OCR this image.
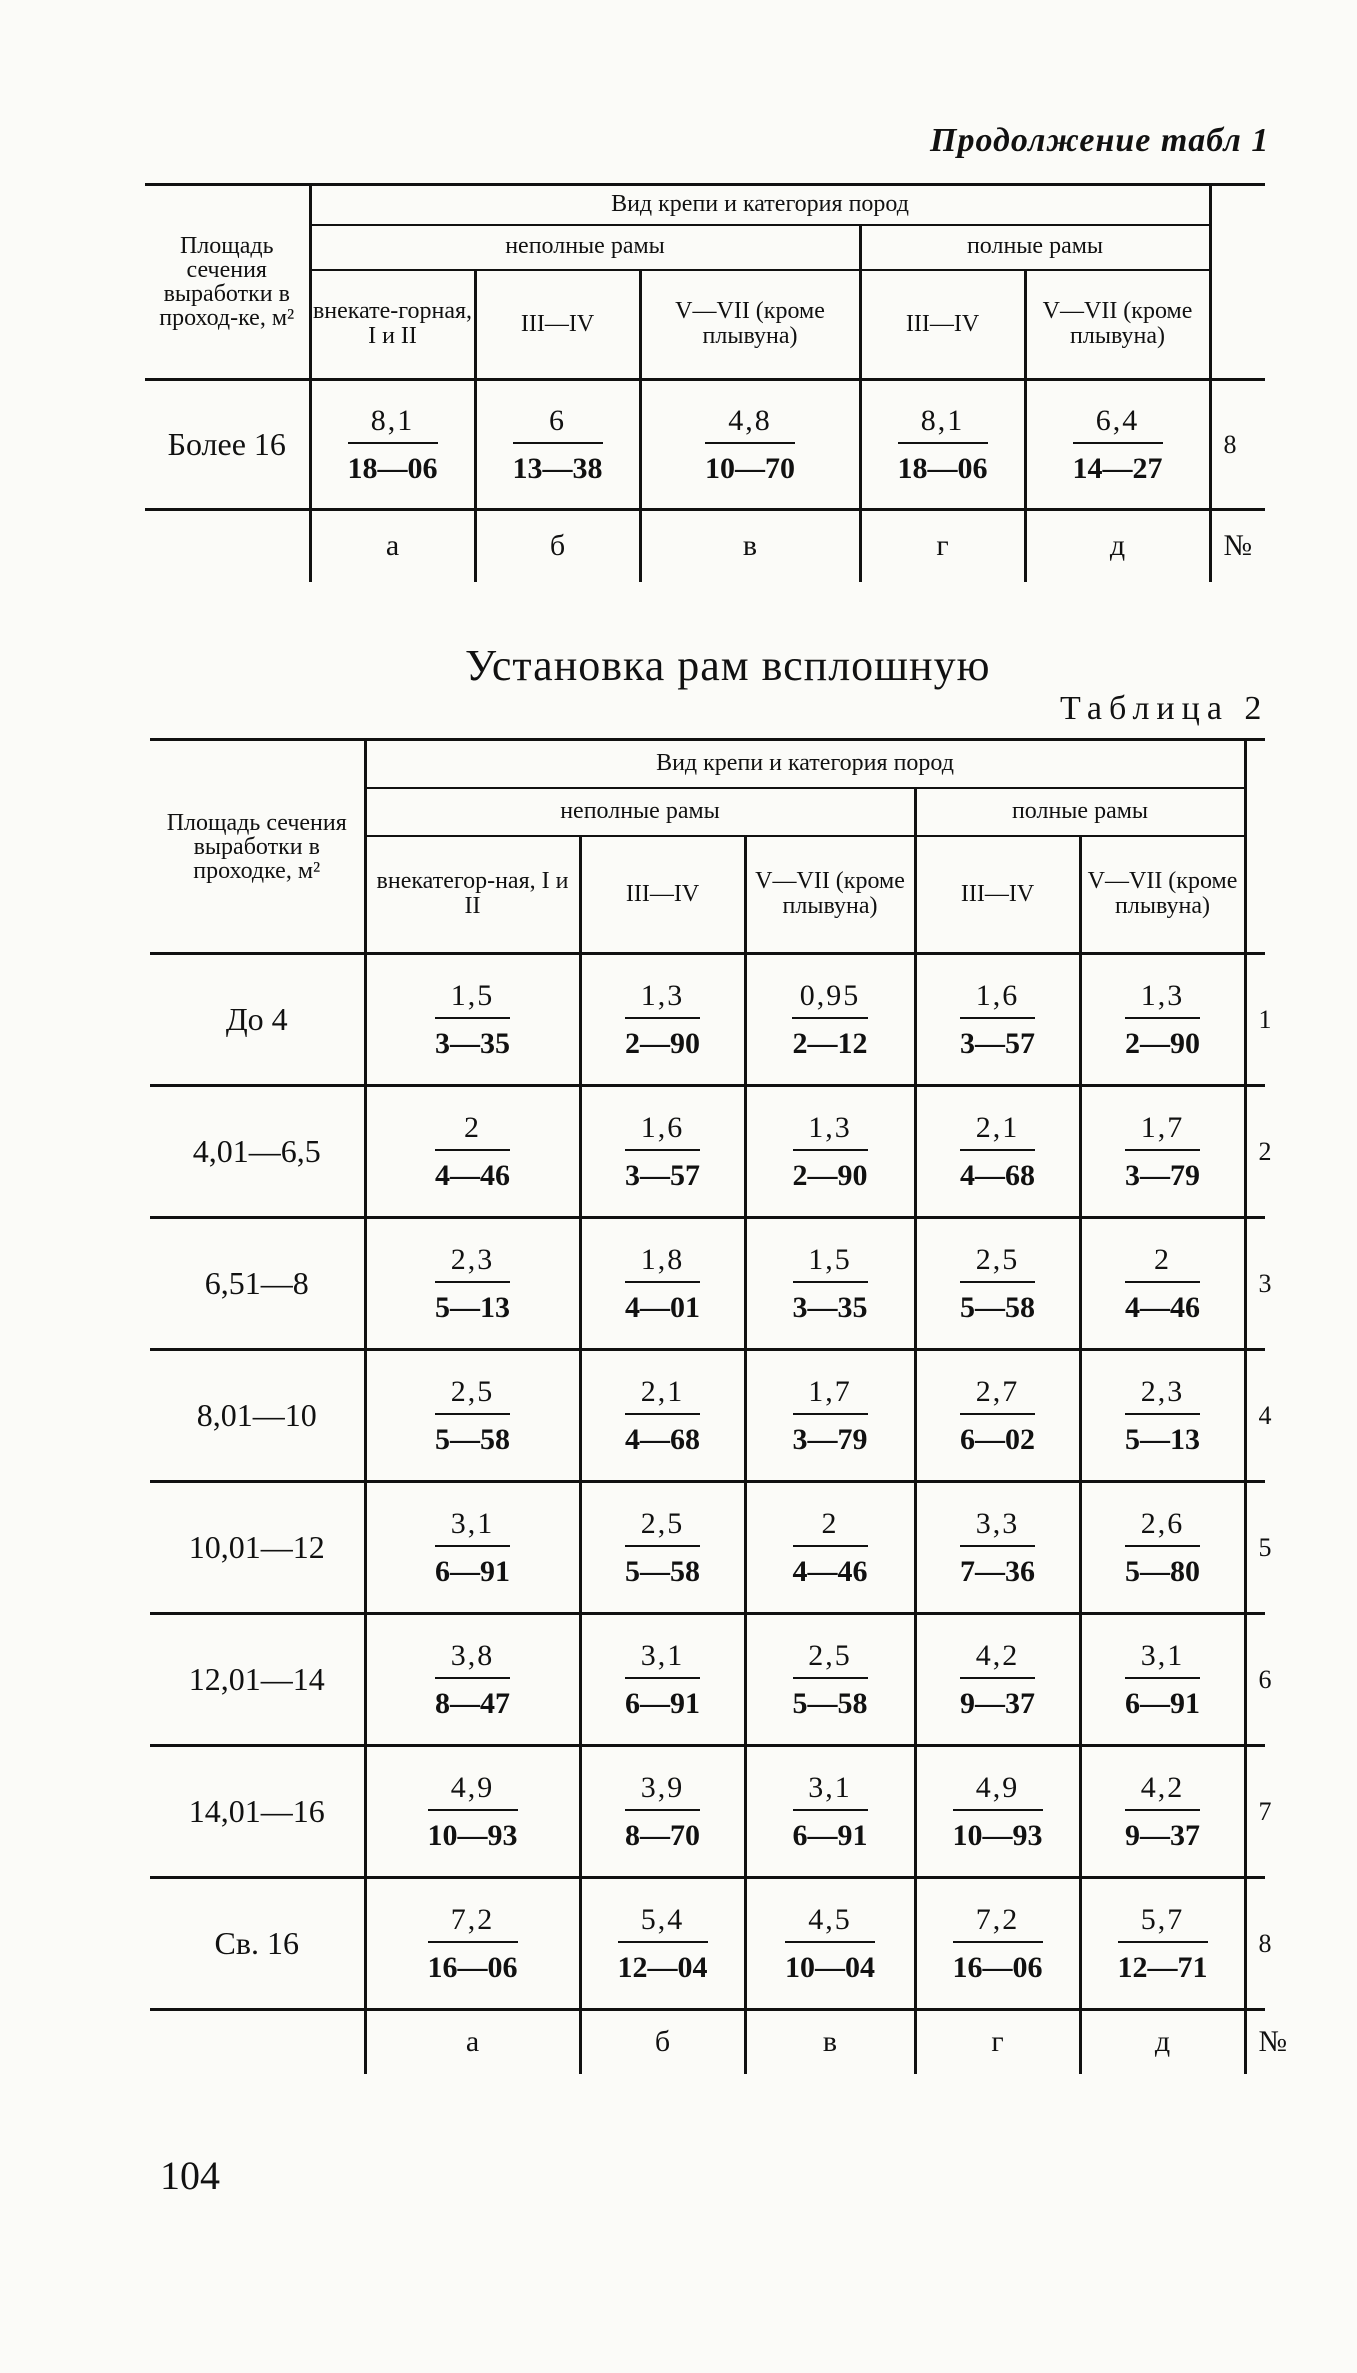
Продолжение табл 1
Площадь сечения выработки в проход-ке, м²	Вид крепи и категория пород					
	неполные рамы			полные рамы		
	внекате-горная, I и II	III—IV	V—VII (кроме плывуна)	III—IV	V—VII (кроме плывуна)	
Более 16	$\frac{8,1}{18—06}$	$\frac{6}{13—38}$	$\frac{4,8}{10—70}$	$\frac{8,1}{18—06}$	$\frac{6,4}{14—27}$	8
	а	б	в	г	д	№
Установка рам всплошную
Таблица 2
Площадь сечения выработки в проходке, м²	Вид крепи и категория пород					
	неполные рамы			полные рамы		
	внекатегор-ная, I и II	III—IV	V—VII (кроме плывуна)	III—IV	V—VII (кроме плывуна)	
До 4	$\frac{1,5}{3—35}$	$\frac{1,3}{2—90}$	$\frac{0,95}{2—12}$	$\frac{1,6}{3—57}$	$\frac{1,3}{2—90}$	1
4,01—6,5	$\frac{2}{4—46}$	$\frac{1,6}{3—57}$	$\frac{1,3}{2—90}$	$\frac{2,1}{4—68}$	$\frac{1,7}{3—79}$	2
6,51—8	$\frac{2,3}{5—13}$	$\frac{1,8}{4—01}$	$\frac{1,5}{3—35}$	$\frac{2,5}{5—58}$	$\frac{2}{4—46}$	3
8,01—10	$\frac{2,5}{5—58}$	$\frac{2,1}{4—68}$	$\frac{1,7}{3—79}$	$\frac{2,7}{6—02}$	$\frac{2,3}{5—13}$	4
10,01—12	$\frac{3,1}{6—91}$	$\frac{2,5}{5—58}$	$\frac{2}{4—46}$	$\frac{3,3}{7—36}$	$\frac{2,6}{5—80}$	5
12,01—14	$\frac{3,8}{8—47}$	$\frac{3,1}{6—91}$	$\frac{2,5}{5—58}$	$\frac{4,2}{9—37}$	$\frac{3,1}{6—91}$	6
14,01—16	$\frac{4,9}{10—93}$	$\frac{3,9}{8—70}$	$\frac{3,1}{6—91}$	$\frac{4,9}{10—93}$	$\frac{4,2}{9—37}$	7
Св. 16	$\frac{7,2}{16—06}$	$\frac{5,4}{12—04}$	$\frac{4,5}{10—04}$	$\frac{7,2}{16—06}$	$\frac{5,7}{12—71}$	8
	а	б	в	г	д	№
104
